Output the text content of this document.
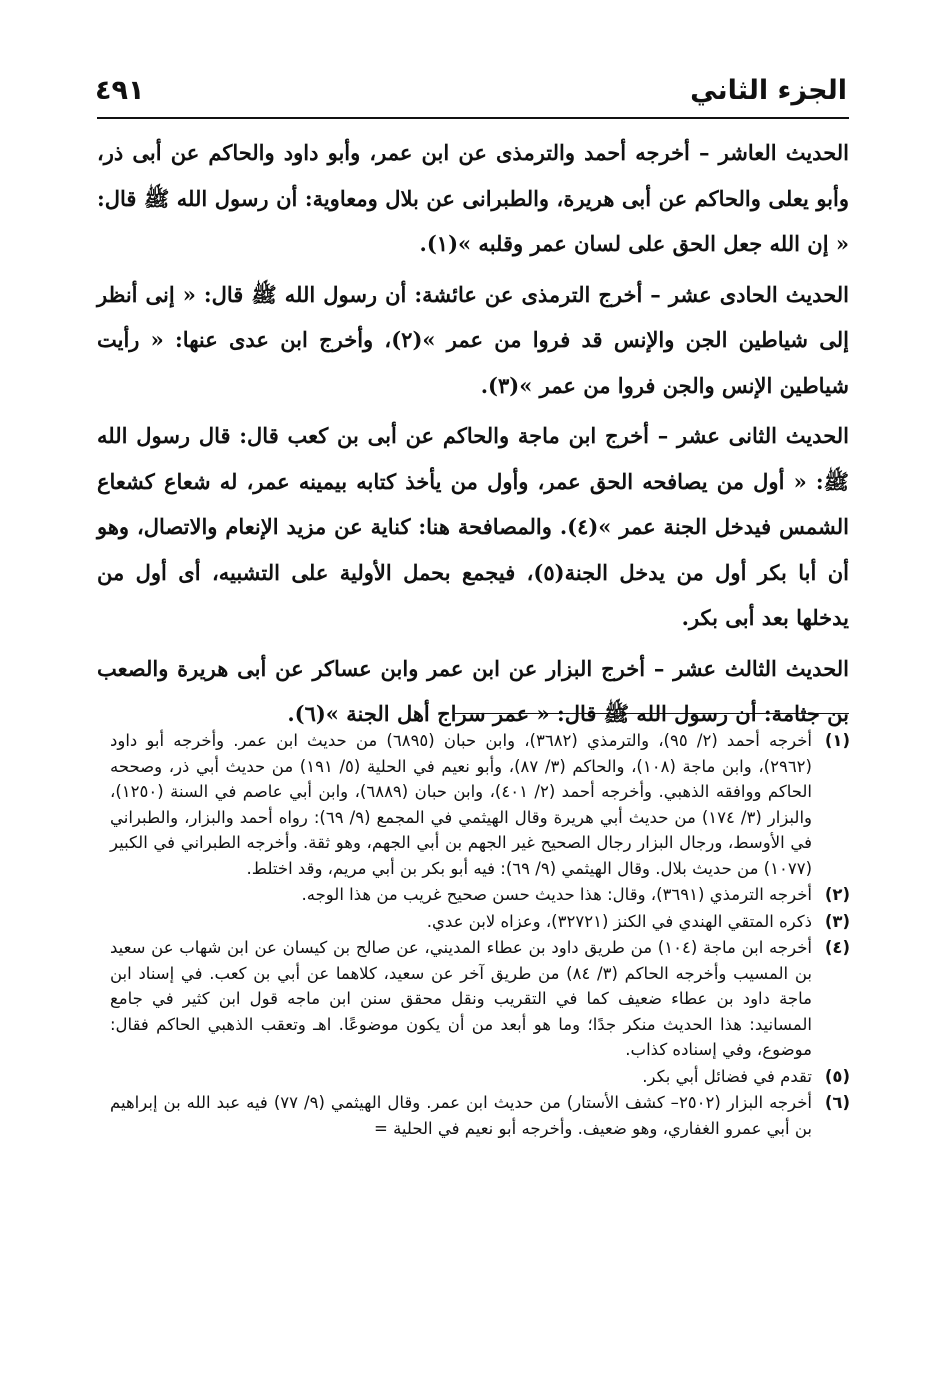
الجزء الثاني
٤٩١

الحديث العاشر – أخرجه أحمد والترمذى عن ابن عمر، وأبو داود والحاكم عن أبى ذر، وأبو يعلى والحاكم عن أبى هريرة، والطبرانى عن بلال ومعاوية: أن رسول الله ﷺ قال: « إن الله جعل الحق على لسان عمر وقلبه »(١).

الحديث الحادى عشر – أخرج الترمذى عن عائشة: أن رسول الله ﷺ قال: « إنى أنظر إلى شياطين الجن والإنس قد فروا من عمر »(٢)، وأخرج ابن عدى عنها: « رأيت شياطين الإنس والجن فروا من عمر »(٣).

الحديث الثانى عشر – أخرج ابن ماجة والحاكم عن أبى بن كعب قال: قال رسول الله ﷺ: « أول من يصافحه الحق عمر، وأول من يأخذ كتابه بيمينه عمر، له شعاع كشعاع الشمس فيدخل الجنة عمر »(٤). والمصافحة هنا: كناية عن مزيد الإنعام والاتصال، وهو أن أبا بكر أول من يدخل الجنة(٥)، فيجمع بحمل الأولية على التشبيه، أى أول من يدخلها بعد أبى بكر.

الحديث الثالث عشر – أخرج البزار عن ابن عمر وابن عساكر عن أبى هريرة والصعب بن جثامة: أن رسول الله ﷺ قال: « عمر سراج أهل الجنة »(٦).

(١)
أخرجه أحمد (٢/ ٩٥)، والترمذي (٣٦٨٢)، وابن حبان (٦٨٩٥) من حديث ابن عمر. وأخرجه أبو داود (٢٩٦٢)، وابن ماجة (١٠٨)، والحاكم (٣/ ٨٧)، وأبو نعيم في الحلية (٥/ ١٩١) من حديث أبي ذر، وصححه الحاكم ووافقه الذهبي. وأخرجه أحمد (٢/ ٤٠١)، وابن حبان (٦٨٨٩)، وابن أبي عاصم في السنة (١٢٥٠)، والبزار (٣/ ١٧٤) من حديث أبي هريرة وقال الهيثمي في المجمع (٩/ ٦٩): رواه أحمد والبزار، والطبراني في الأوسط، ورجال البزار رجال الصحيح غير الجهم بن أبي الجهم، وهو ثقة. وأخرجه الطبراني في الكبير (١٠٧٧) من حديث بلال. وقال الهيثمي (٩/ ٦٩): فيه أبو بكر بن أبي مريم، وقد اختلط.
(٢)
أخرجه الترمذي (٣٦٩١)، وقال: هذا حديث حسن صحيح غريب من هذا الوجه.
(٣)
ذكره المتقي الهندي في الكنز (٣٢٧٢١)، وعزاه لابن عدي.
(٤)
أخرجه ابن ماجة (١٠٤) من طريق داود بن عطاء المديني، عن صالح بن كيسان عن ابن شهاب عن سعيد بن المسيب وأخرجه الحاكم (٣/ ٨٤) من طريق آخر عن سعيد، كلاهما عن أبي بن كعب. في إسناد ابن ماجة داود بن عطاء ضعيف كما في التقريب ونقل محقق سنن ابن ماجه قول ابن كثير في جامع المسانيد: هذا الحديث منكر جدًا؛ وما هو أبعد من أن يكون موضوعًا. اهـ وتعقب الذهبي الحاكم فقال: موضوع، وفي إسناده كذاب.
(٥)
تقدم في فضائل أبي بكر.
(٦)
أخرجه البزار (٢٥٠٢– كشف الأستار) من حديث ابن عمر. وقال الهيثمي (٩/ ٧٧) فيه عبد الله بن إبراهيم بن أبي عمرو الغفاري، وهو ضعيف. وأخرجه أبو نعيم في الحلية =
